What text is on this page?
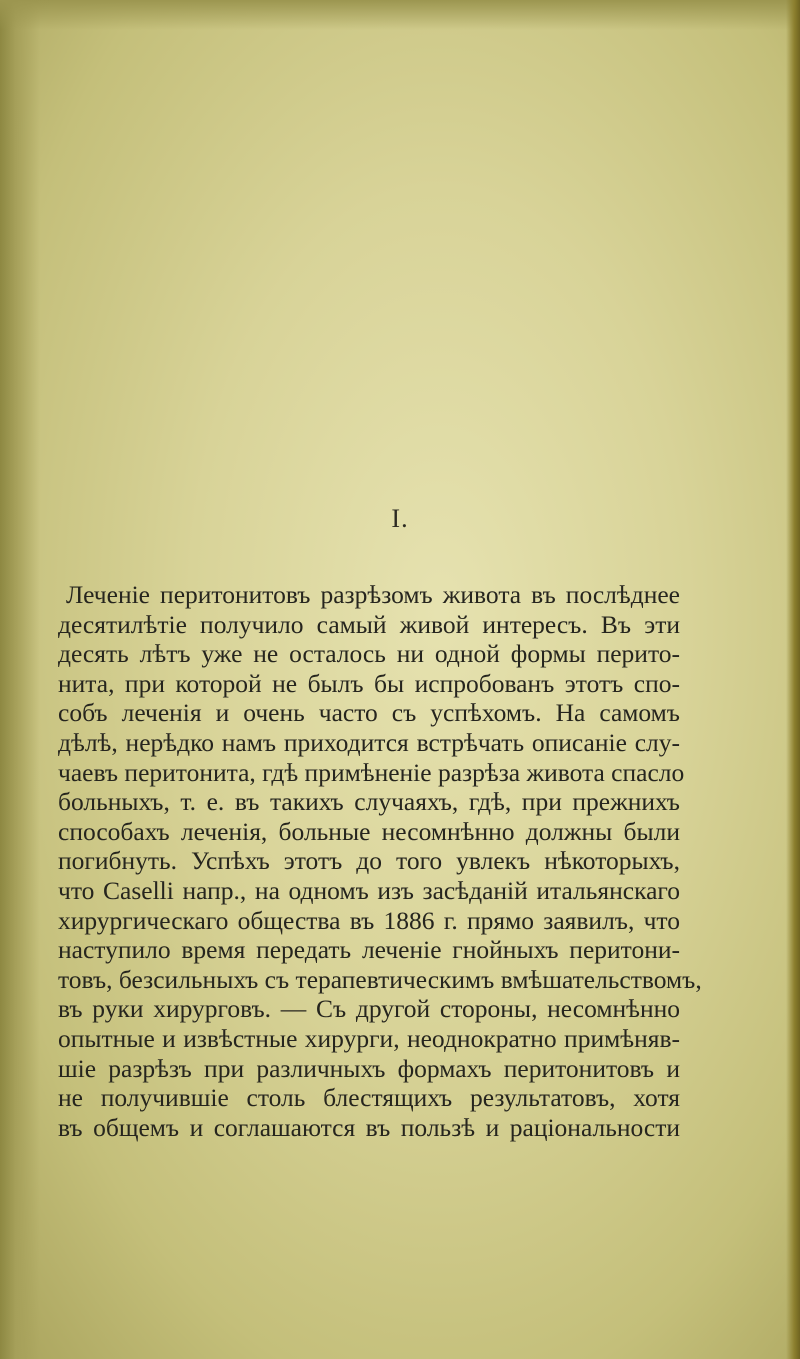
I.
Леченіе перитонитовъ разрѣзомъ живота въ послѣднее
десятилѣтіе получило самый живой интересъ. Въ эти
десять лѣтъ уже не осталось ни одной формы перито-
нита, при которой не былъ бы испробованъ этотъ спо-
собъ леченія и очень часто съ успѣхомъ. На самомъ
дѣлѣ, нерѣдко намъ приходится встрѣчать описаніе слу-
чаевъ перитонита, гдѣ примѣненіе разрѣза живота спасло
больныхъ, т. е. въ такихъ случаяхъ, гдѣ, при прежнихъ
способахъ леченія, больные несомнѣнно должны были
погибнуть. Успѣхъ этотъ до того увлекъ нѣкоторыхъ,
что Caselli напр., на одномъ изъ засѣданій итальянскаго
хирургическаго общества въ 1886 г. прямо заявилъ, что
наступило время передать леченіе гнойныхъ перитони-
товъ, безсильныхъ съ терапевтическимъ вмѣшательствомъ,
въ руки хирурговъ. — Съ другой стороны, несомнѣнно
опытные и извѣстные хирурги, неоднократно примѣняв-
шіе разрѣзъ при различныхъ формахъ перитонитовъ и
не получившіе столь блестящихъ результатовъ, хотя
въ общемъ и соглашаются въ пользѣ и раціональности
